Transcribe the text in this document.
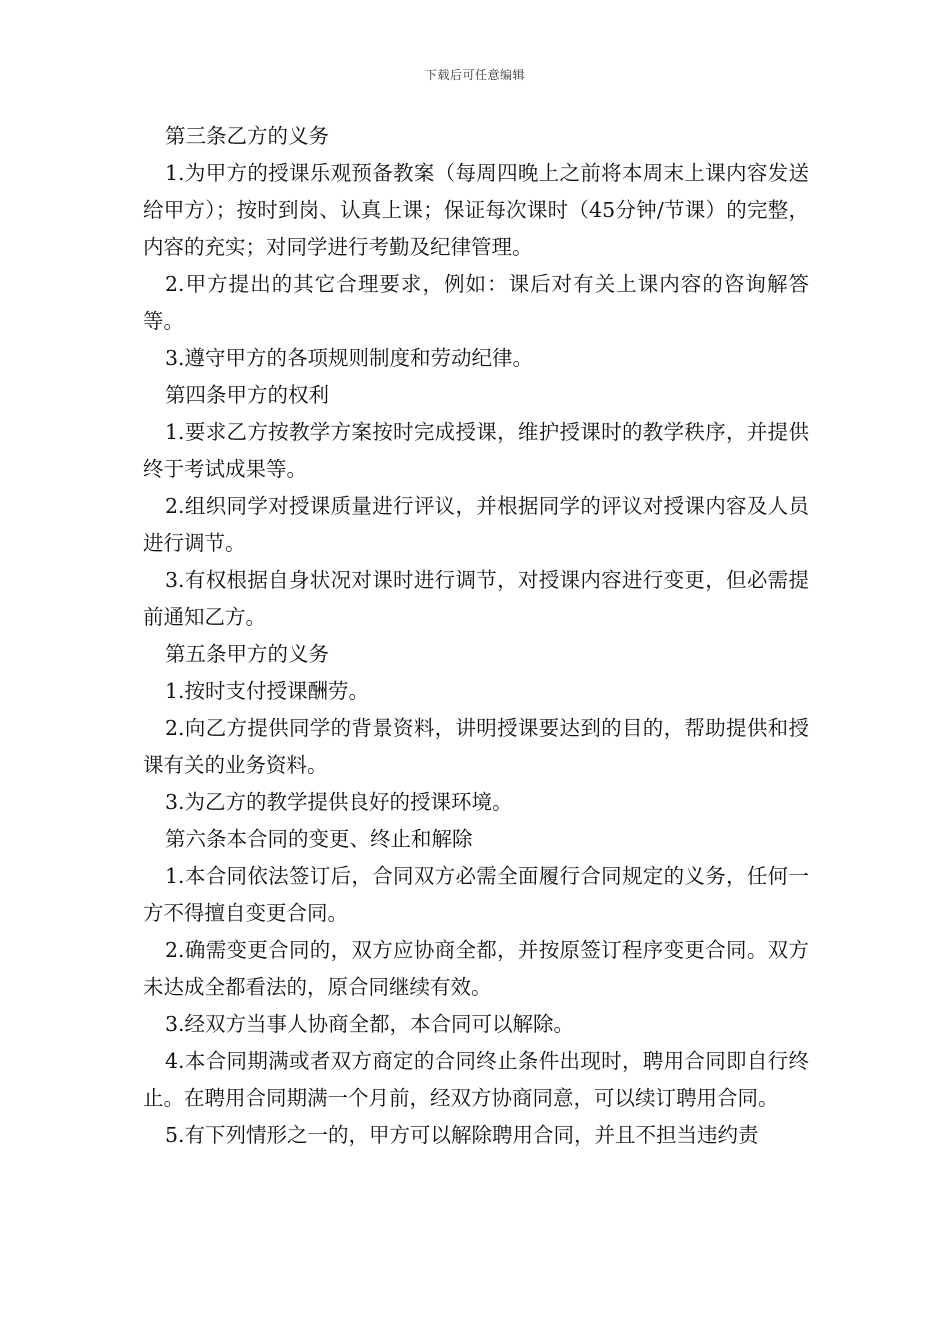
下载后可任意编辑

第三条乙方的义务

1.为甲方的授课乐观预备教案（每周四晚上之前将本周末上课内容发送给甲方）；按时到岗、认真上课；保证每次课时（45分钟/节课）的完整，内容的充实；对同学进行考勤及纪律管理。

2.甲方提出的其它合理要求，例如：课后对有关上课内容的咨询解答等。

3.遵守甲方的各项规则制度和劳动纪律。

第四条甲方的权利

1.要求乙方按教学方案按时完成授课，维护授课时的教学秩序，并提供终于考试成果等。

2.组织同学对授课质量进行评议，并根据同学的评议对授课内容及人员进行调节。

3.有权根据自身状况对课时进行调节，对授课内容进行变更，但必需提前通知乙方。

第五条甲方的义务

1.按时支付授课酬劳。

2.向乙方提供同学的背景资料，讲明授课要达到的目的，帮助提供和授课有关的业务资料。

3.为乙方的教学提供良好的授课环境。

第六条本合同的变更、终止和解除

1.本合同依法签订后，合同双方必需全面履行合同规定的义务，任何一方不得擅自变更合同。

2.确需变更合同的，双方应协商全都，并按原签订程序变更合同。双方未达成全都看法的，原合同继续有效。

3.经双方当事人协商全都，本合同可以解除。

4.本合同期满或者双方商定的合同终止条件出现时，聘用合同即自行终止。在聘用合同期满一个月前，经双方协商同意，可以续订聘用合同。

5.有下列情形之一的，甲方可以解除聘用合同，并且不担当违约责
